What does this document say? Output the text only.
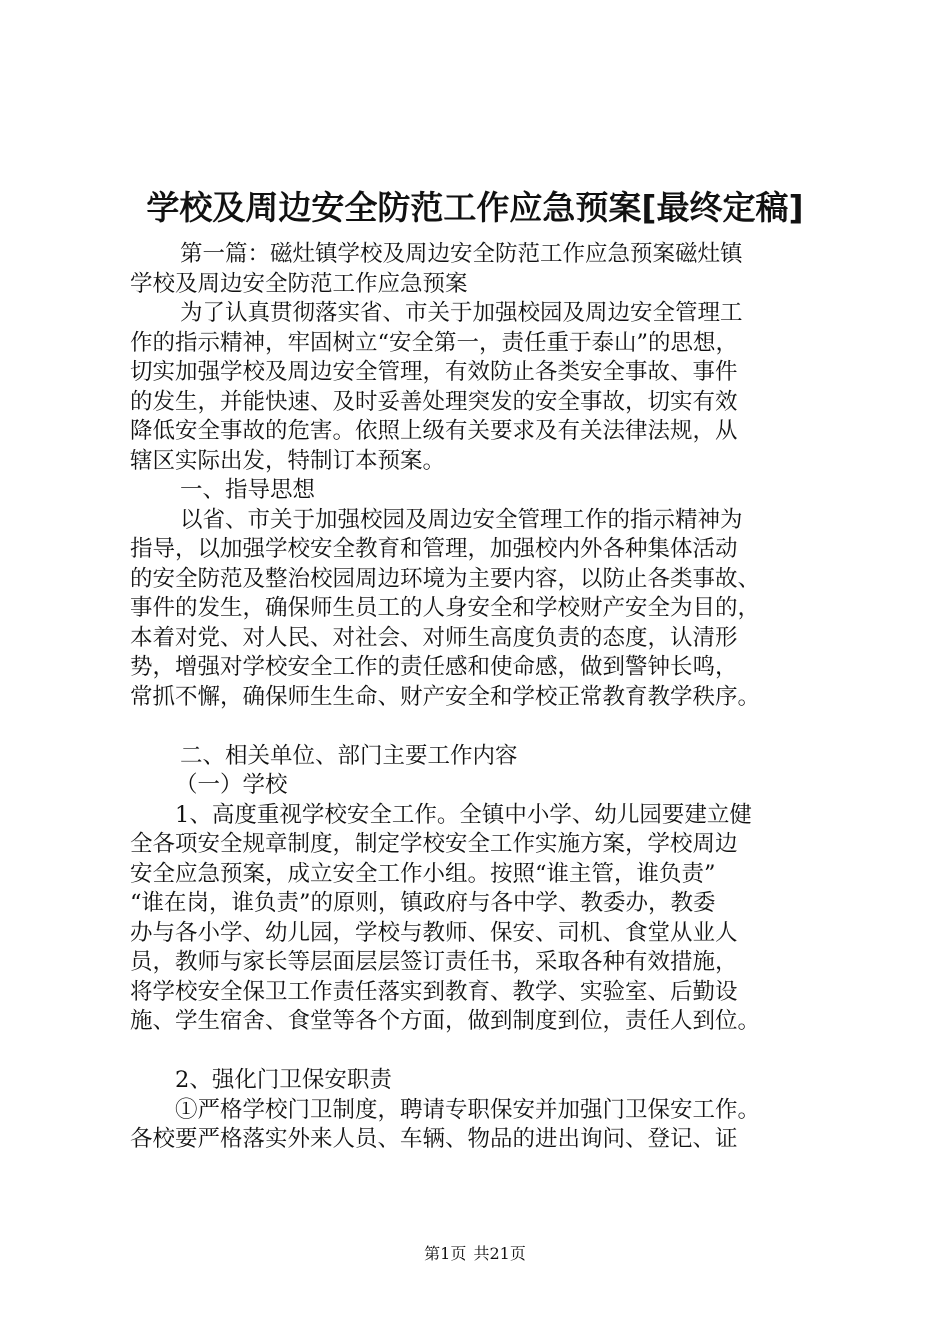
学校及周边安全防范工作应急预案[最终定稿]
第一篇：磁灶镇学校及周边安全防范工作应急预案磁灶镇
学校及周边安全防范工作应急预案
为了认真贯彻落实省、市关于加强校园及周边安全管理工
作的指示精神，牢固树立“安全第一，责任重于泰山”的思想，
切实加强学校及周边安全管理，有效防止各类安全事故、事件
的发生，并能快速、及时妥善处理突发的安全事故，切实有效
降低安全事故的危害。依照上级有关要求及有关法律法规，从
辖区实际出发，特制订本预案。
一、指导思想
以省、市关于加强校园及周边安全管理工作的指示精神为
指导，以加强学校安全教育和管理，加强校内外各种集体活动
的安全防范及整治校园周边环境为主要内容，以防止各类事故、
事件的发生，确保师生员工的人身安全和学校财产安全为目的，
本着对党、对人民、对社会、对师生高度负责的态度，认清形
势，增强对学校安全工作的责任感和使命感，做到警钟长鸣，
常抓不懈，确保师生生命、财产安全和学校正常教育教学秩序。
二、相关单位、部门主要工作内容
（一）学校
1、高度重视学校安全工作。全镇中小学、幼儿园要建立健
全各项安全规章制度，制定学校安全工作实施方案，学校周边
安全应急预案，成立安全工作小组。按照“谁主管，谁负责”
“谁在岗，谁负责”的原则，镇政府与各中学、教委办，教委
办与各小学、幼儿园，学校与教师、保安、司机、食堂从业人
员，教师与家长等层面层层签订责任书，采取各种有效措施，
将学校安全保卫工作责任落实到教育、教学、实验室、后勤设
施、学生宿舍、食堂等各个方面，做到制度到位，责任人到位。
2、强化门卫保安职责
①严格学校门卫制度，聘请专职保安并加强门卫保安工作。
各校要严格落实外来人员、车辆、物品的进出询问、登记、证
第1页 共21页
